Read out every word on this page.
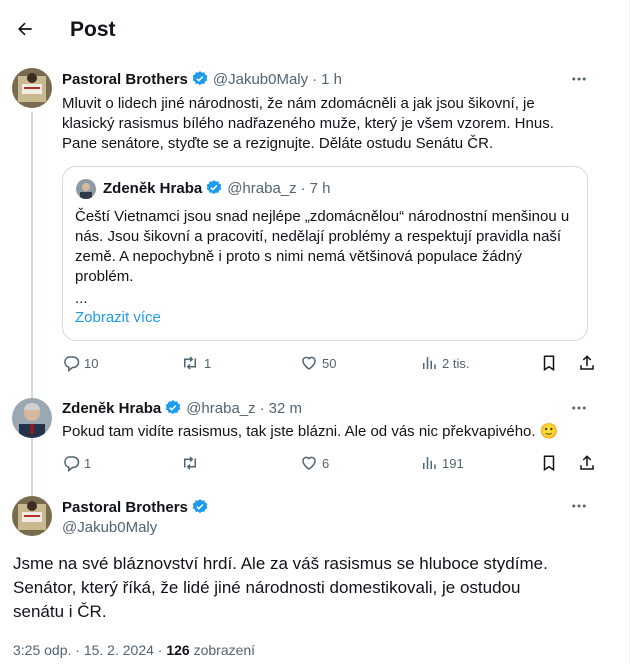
Post
Pastoral Brothers @Jakub0Maly · 1 h
Mluvit o lidech jiné národnosti, že nám zdomácněli a jak jsou šikovní, je klasický rasismus bílého nadřazeného muže, který je všem vzorem. Hnus. Pane senátore, styďte se a rezignujte. Děláte ostudu Senátu ČR.
Zdeněk Hraba @hraba_z · 7 h
Čeští Vietnamci jsou snad nejlépe „zdomácnělou“ národnostní menšinou u nás. Jsou šikovní a pracovití, nedělají problémy a respektují pravidla naší země. A nepochybně i proto s nimi nemá většinová populace žádný problém.
...
Zobrazit více
10	1	50	2 tis.
Zdeněk Hraba @hraba_z · 32 m
Pokud tam vidíte rasismus, tak jste blázni. Ale od vás nic překvapivého. 🙂
1	6	191
Pastoral Brothers
@Jakub0Maly
Jsme na své bláznovství hrdí. Ale za váš rasismus se hluboce stydíme.
Senátor, který říká, že lidé jiné národnosti domestikovali, je ostudou
senátu i ČR.
3:25 odp. · 15. 2. 2024 · 126 zobrazení
